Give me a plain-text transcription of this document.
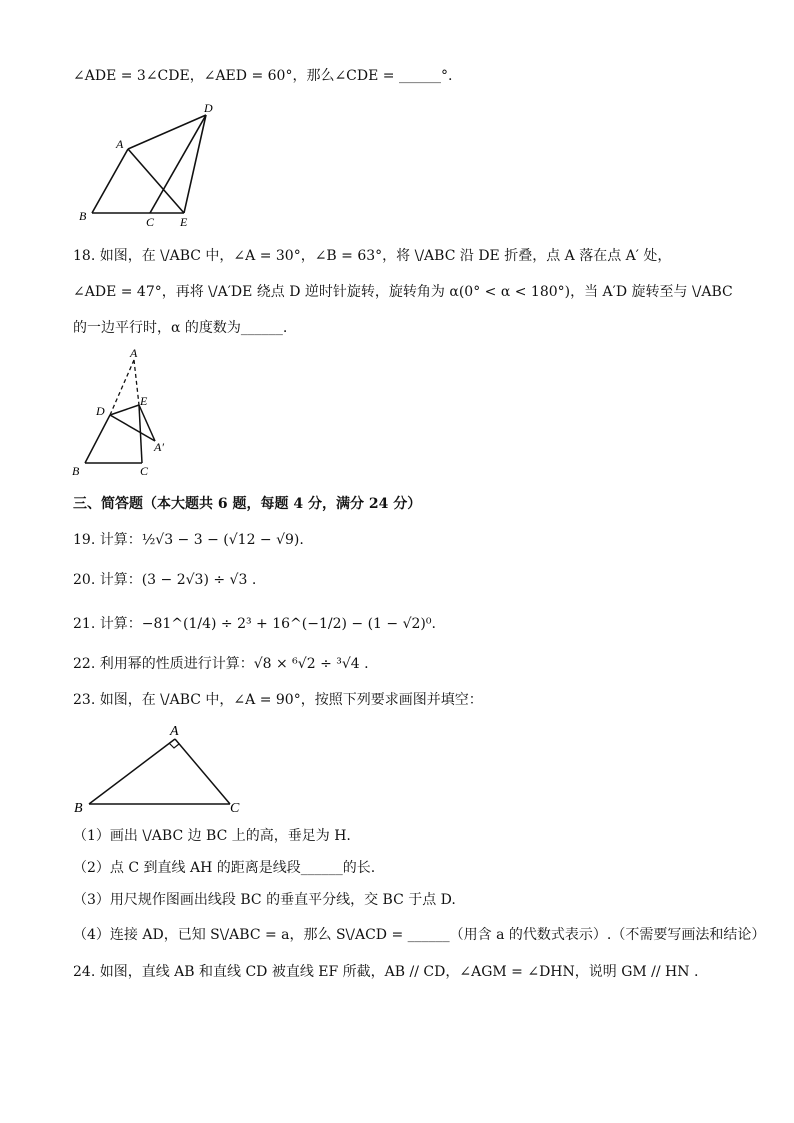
∠ADE = 3∠CDE，∠AED = 60°，那么∠CDE = ______°.
A
B	C
D
E
18. 如图，在 \/ABC 中，∠A = 30°，∠B = 63°，将 \/ABC 沿 DE 折叠，点 A 落在点 A′ 处，
∠ADE = 47°，再将 \/A′DE 绕点 D 逆时针旋转，旋转角为 α(0° < α < 180°)，当 A′D 旋转至与 \/ABC
的一边平行时，α 的度数为______.
A
D
E
A′
B	C
三、简答题（本大题共 6 题，每题 4 分，满分 24 分）
19. 计算：½√3 − 3 − (√12 − √9).
20. 计算：(3 − 2√3) ÷ √3 .
21. 计算：−81^(1/4) ÷ 2³ + 16^(−1/2) − (1 − √2)⁰.
22. 利用幂的性质进行计算：√8 × ⁶√2 ÷ ³√4 .
23. 如图，在 \/ABC 中，∠A = 90°，按照下列要求画图并填空：
A
B	C
（1）画出 \/ABC 边 BC 上的高，垂足为 H.
（2）点 C 到直线 AH 的距离是线段______的长.
（3）用尺规作图画出线段 BC 的垂直平分线，交 BC 于点 D.
（4）连接 AD，已知 S\/ABC = a，那么 S\/ACD = ______（用含 a 的代数式表示）.（不需要写画法和结论）
24. 如图，直线 AB 和直线 CD 被直线 EF 所截，AB // CD，∠AGM = ∠DHN，说明 GM // HN .
